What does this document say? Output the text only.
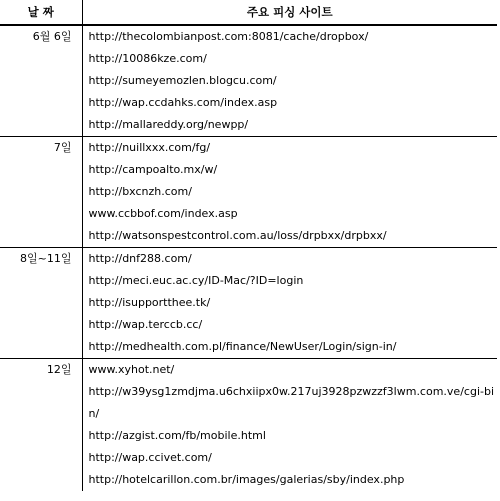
날 짜	주요 피싱 사이트
6월 6일	http://thecolombianpost.com:8081/cache/dropbox/
http://10086kze.com/
http://sumeyemozlen.blogcu.com/
http://wap.ccdahks.com/index.asp
http://mallareddy.org/newpp/

7일	http://nuillxxx.com/fg/
http://campoalto.mx/w/
http://bxcnzh.com/
www.ccbbof.com/index.asp
http://watsonspestcontrol.com.au/loss/drpbxx/drpbxx/

8일~11일	http://dnf288.com/
http://meci.euc.ac.cy/ID-Mac/?ID=login
http://isupportthee.tk/
http://wap.terccb.cc/
http://medhealth.com.pl/finance/NewUser/Login/sign-in/

12일	www.xyhot.net/
http://w39ysg1zmdjma.u6chxiipx0w.217uj3928pzwzzf3lwm.com.ve/cgi-bin/
http://azgist.com/fb/mobile.html
http://wap.ccivet.com/
http://hotelcarillon.com.br/images/galerias/sby/index.php
